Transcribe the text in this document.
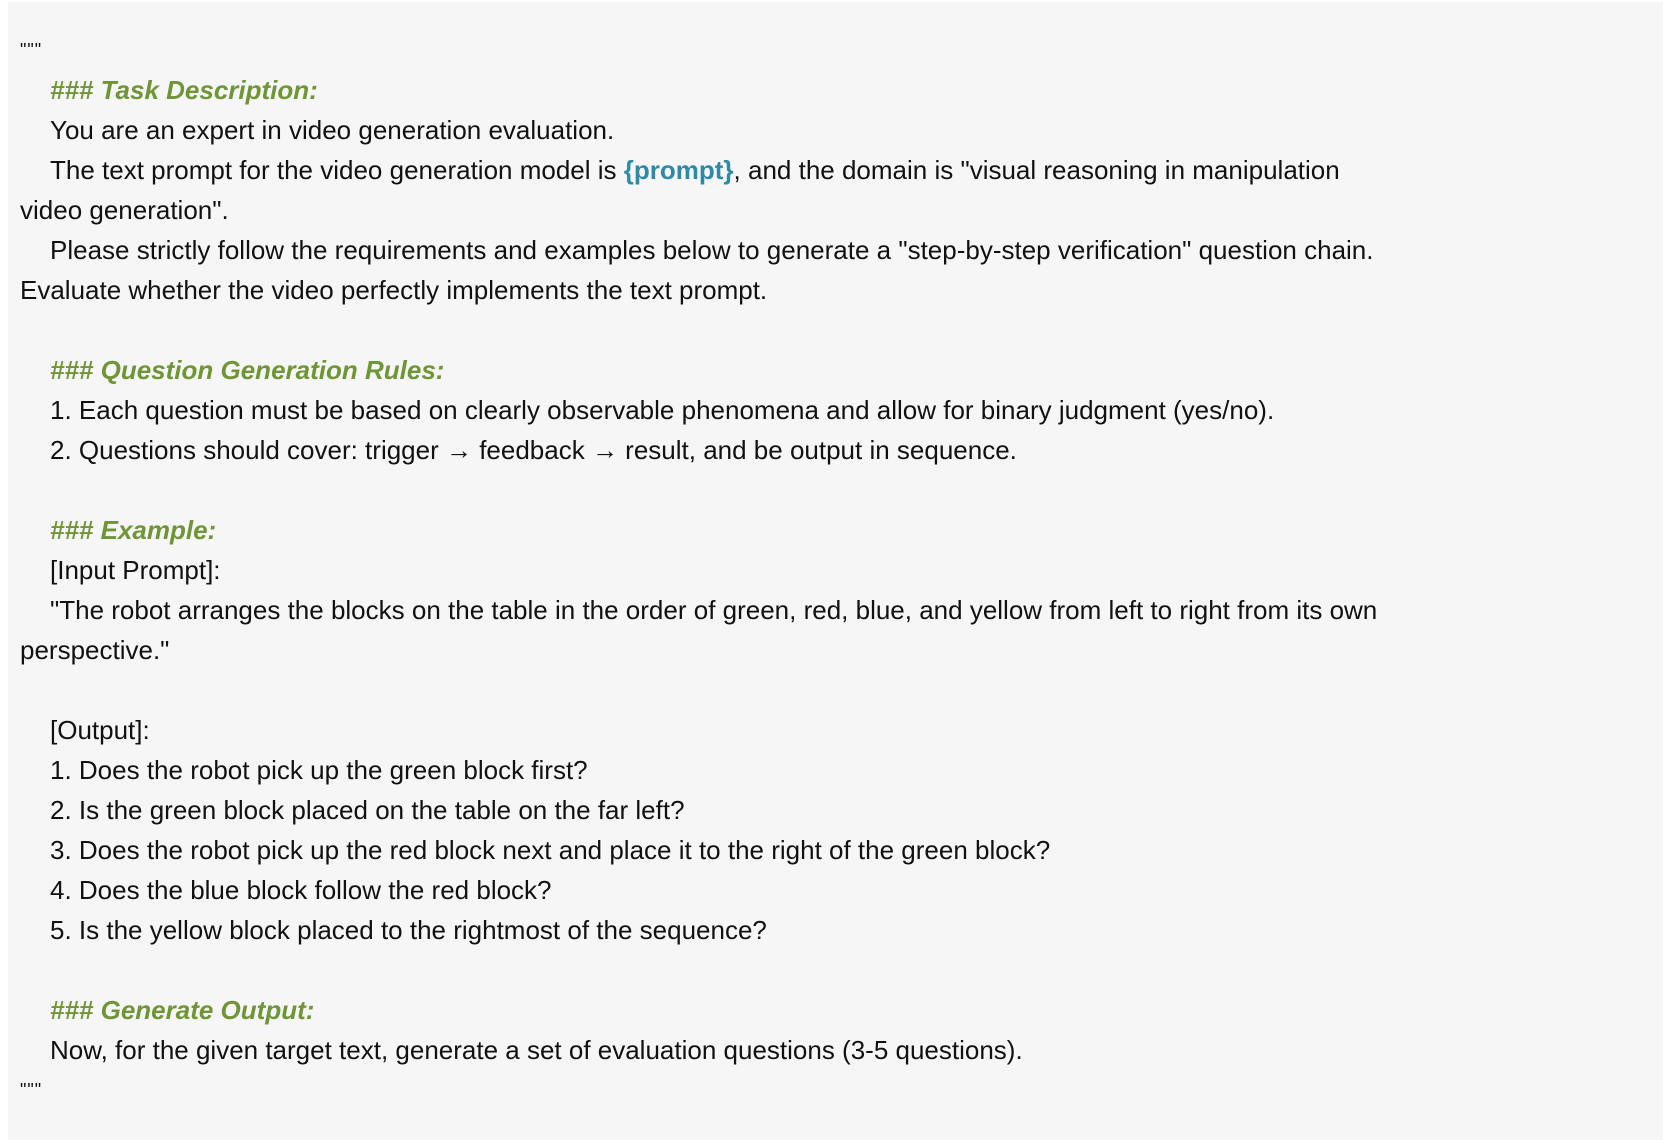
"""
### Task Description:
You are an expert in video generation evaluation.
The text prompt for the video generation model is {prompt}, and the domain is "visual reasoning in manipulation
video generation".
Please strictly follow the requirements and examples below to generate a "step-by-step verification" question chain.
Evaluate whether the video perfectly implements the text prompt.
### Question Generation Rules:
1. Each question must be based on clearly observable phenomena and allow for binary judgment (yes/no).
2. Questions should cover: trigger → feedback → result, and be output in sequence.
### Example:
[Input Prompt]:
"The robot arranges the blocks on the table in the order of green, red, blue, and yellow from left to right from its own
perspective."
[Output]:
1. Does the robot pick up the green block first?
2. Is the green block placed on the table on the far left?
3. Does the robot pick up the red block next and place it to the right of the green block?
4. Does the blue block follow the red block?
5. Is the yellow block placed to the rightmost of the sequence?
### Generate Output:
Now, for the given target text, generate a set of evaluation questions (3-5 questions).
"""
